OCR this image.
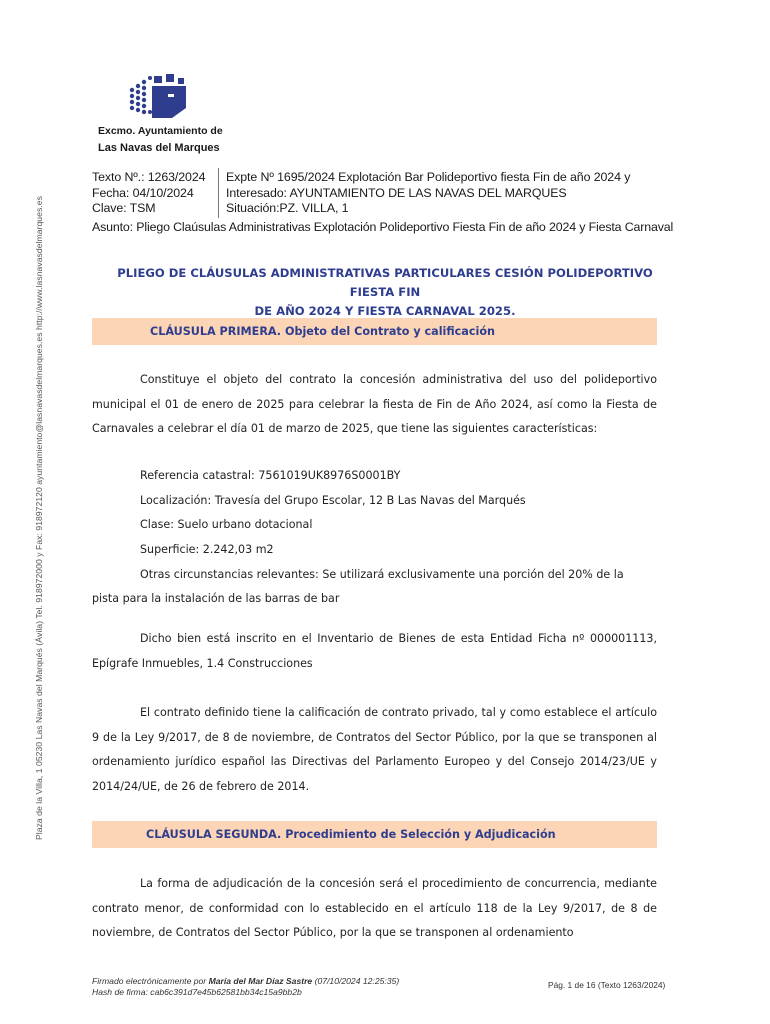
Plaza de la Villa, 1 05230 Las Navas del Marqués (Ávila) Tel. 918972000 y Fax: 918972120 ayuntamiento@lasnavasdelmarques.es http://www.lasnavasdelmarques.es
Excmo. Ayuntamiento de
Las Navas del Marques
Texto Nº.: 1263/2024
Fecha: 04/10/2024
Clave: TSM
Expte Nº 1695/2024 Explotación Bar Polideportivo fiesta Fin de año 2024 y
Interesado: AYUNTAMIENTO DE LAS NAVAS DEL MARQUES
Situación:PZ. VILLA, 1
Asunto: Pliego Claúsulas Administrativas Explotación Polideportivo Fiesta Fin de año 2024 y Fiesta Carnaval
PLIEGO DE CLÁUSULAS ADMINISTRATIVAS PARTICULARES CESIÓN POLIDEPORTIVO FIESTA FIN
DE AÑO 2024 Y FIESTA CARNAVAL 2025.
CLÁUSULA PRIMERA. Objeto del Contrato y calificación
Constituye el objeto del contrato la concesión administrativa del uso del polideportivo municipal el 01 de enero de 2025 para celebrar la fiesta de Fin de Año 2024, así como la Fiesta de Carnavales a celebrar el día 01 de marzo de 2025, que tiene las siguientes características:
Referencia catastral: 7561019UK8976S0001BY
Localización: Travesía del Grupo Escolar, 12 B Las Navas del Marqués
Clase: Suelo urbano dotacional
Superficie: 2.242,03 m2
Otras circunstancias relevantes: Se utilizará exclusivamente una porción del 20% de la
pista para la instalación de las barras de bar
Dicho bien está inscrito en el Inventario de Bienes de esta Entidad Ficha nº 000001113, Epígrafe Inmuebles, 1.4 Construcciones
El contrato definido tiene la calificación de contrato privado, tal y como establece el artículo 9 de la Ley 9/2017, de 8 de noviembre, de Contratos del Sector Público, por la que se transponen al ordenamiento jurídico español las Directivas del Parlamento Europeo y del Consejo 2014/23/UE y 2014/24/UE, de 26 de febrero de 2014.
CLÁUSULA SEGUNDA. Procedimiento de Selección y Adjudicación
La forma de adjudicación de la concesión será el procedimiento de concurrencia, mediante contrato menor, de conformidad con lo establecido en el artículo 118 de la Ley 9/2017, de 8 de noviembre, de Contratos del Sector Público, por la que se transponen al ordenamiento
Firmado electrónicamente por María del Mar Díaz Sastre (07/10/2024 12:25:35)
Hash de firma: cab6c391d7e45b62581bb34c15a9bb2b
Pág. 1 de 16 (Texto 1263/2024)
